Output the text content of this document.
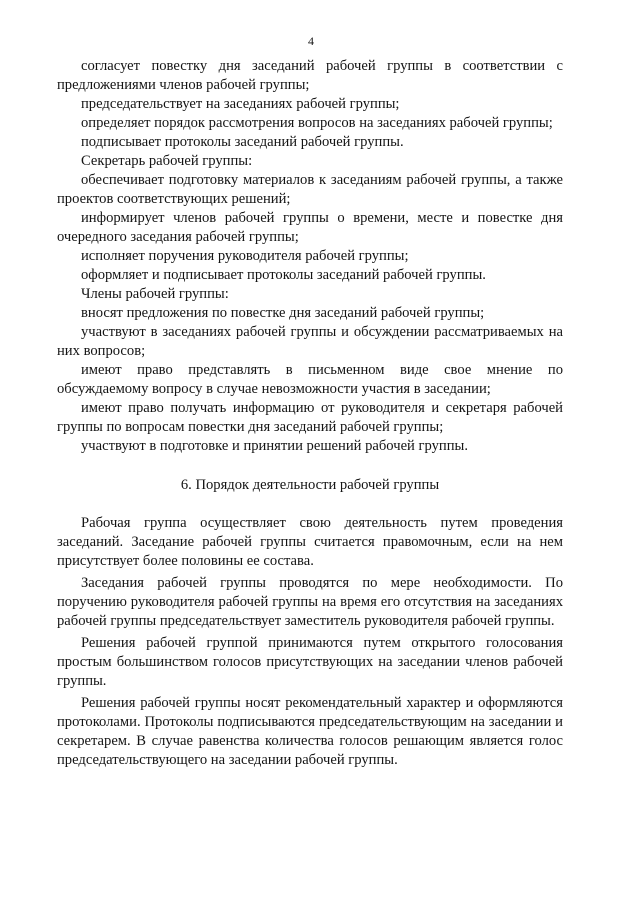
4

согласует повестку дня заседаний рабочей группы в соответствии с предложениями членов рабочей группы;

председательствует на заседаниях рабочей группы;

определяет порядок рассмотрения вопросов на заседаниях рабочей группы;

подписывает протоколы заседаний рабочей группы.

Секретарь рабочей группы:

обеспечивает подготовку материалов к заседаниям рабочей группы, а также проектов соответствующих решений;

информирует членов рабочей группы о времени, месте и повестке дня очередного заседания рабочей группы;

исполняет поручения руководителя рабочей группы;

оформляет и подписывает протоколы заседаний рабочей группы.

Члены рабочей группы:

вносят предложения по повестке дня заседаний рабочей группы;

участвуют в заседаниях рабочей группы и обсуждении рассматриваемых на них вопросов;

имеют право представлять в письменном виде свое мнение по обсуждаемому вопросу в случае невозможности участия в заседании;

имеют право получать информацию от руководителя и секретаря рабочей группы по вопросам повестки дня заседаний рабочей группы;

участвуют в подготовке и принятии решений рабочей группы.

6. Порядок деятельности рабочей группы

Рабочая группа осуществляет свою деятельность путем проведения заседаний. Заседание рабочей группы считается правомочным, если на нем присутствует более половины ее состава.

Заседания рабочей группы проводятся по мере необходимости. По поручению руководителя рабочей группы на время его отсутствия на заседаниях рабочей группы председательствует заместитель руководителя рабочей группы.

Решения рабочей группой принимаются путем открытого голосования простым большинством голосов присутствующих на заседании членов рабочей группы.

Решения рабочей группы носят рекомендательный характер и оформляются протоколами. Протоколы подписываются председательствующим на заседании и секретарем. В случае равенства количества голосов решающим является голос председательствующего на заседании рабочей группы.
